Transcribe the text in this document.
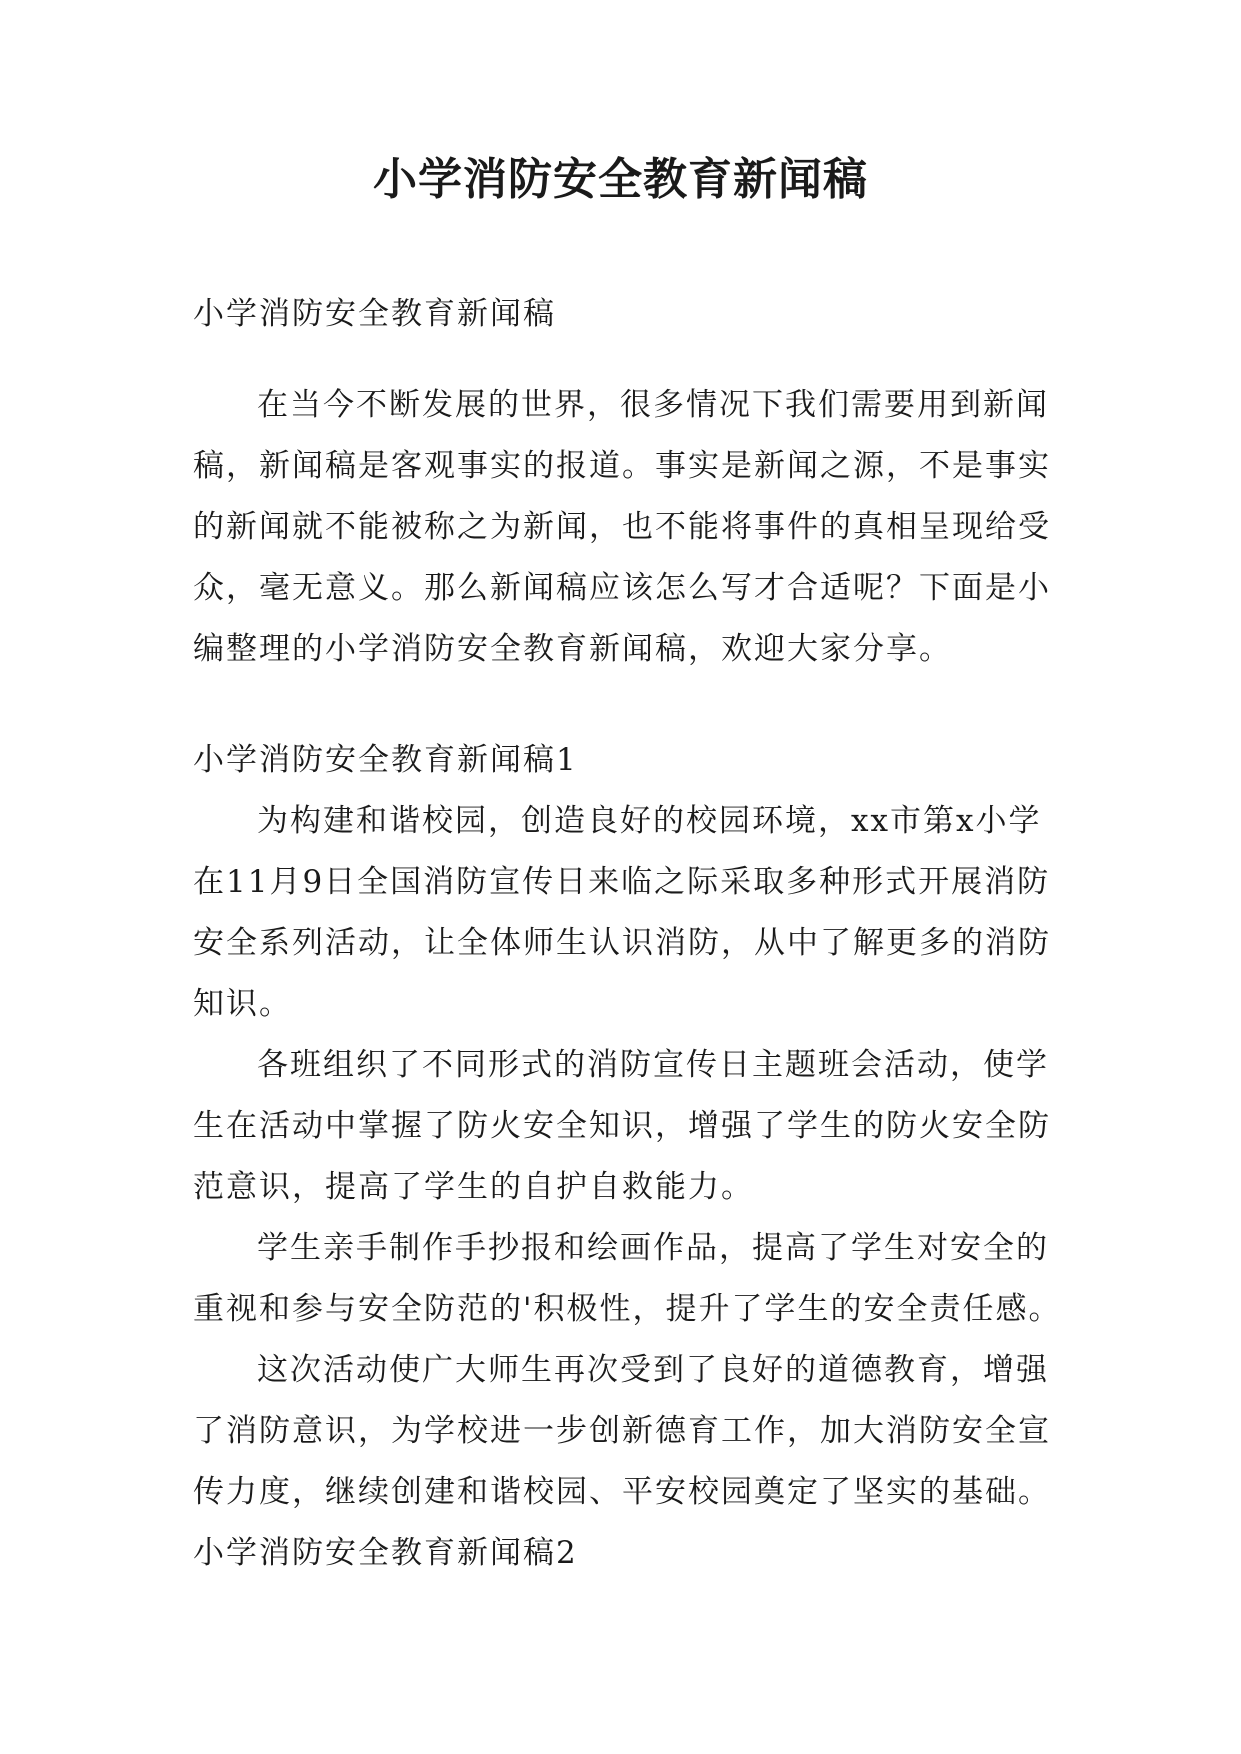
小学消防安全教育新闻稿

小学消防安全教育新闻稿

在当今不断发展的世界，很多情况下我们需要用到新闻稿，新闻稿是客观事实的报道。事实是新闻之源，不是事实的新闻就不能被称之为新闻，也不能将事件的真相呈现给受众，毫无意义。那么新闻稿应该怎么写才合适呢？下面是小编整理的小学消防安全教育新闻稿，欢迎大家分享。

小学消防安全教育新闻稿1

为构建和谐校园，创造良好的校园环境，xx市第x小学在11月9日全国消防宣传日来临之际采取多种形式开展消防安全系列活动，让全体师生认识消防，从中了解更多的消防知识。

各班组织了不同形式的消防宣传日主题班会活动，使学生在活动中掌握了防火安全知识，增强了学生的防火安全防范意识，提高了学生的自护自救能力。

学生亲手制作手抄报和绘画作品，提高了学生对安全的重视和参与安全防范的'积极性，提升了学生的安全责任感。

这次活动使广大师生再次受到了良好的道德教育，增强了消防意识，为学校进一步创新德育工作，加大消防安全宣传力度，继续创建和谐校园、平安校园奠定了坚实的基础。

小学消防安全教育新闻稿2
